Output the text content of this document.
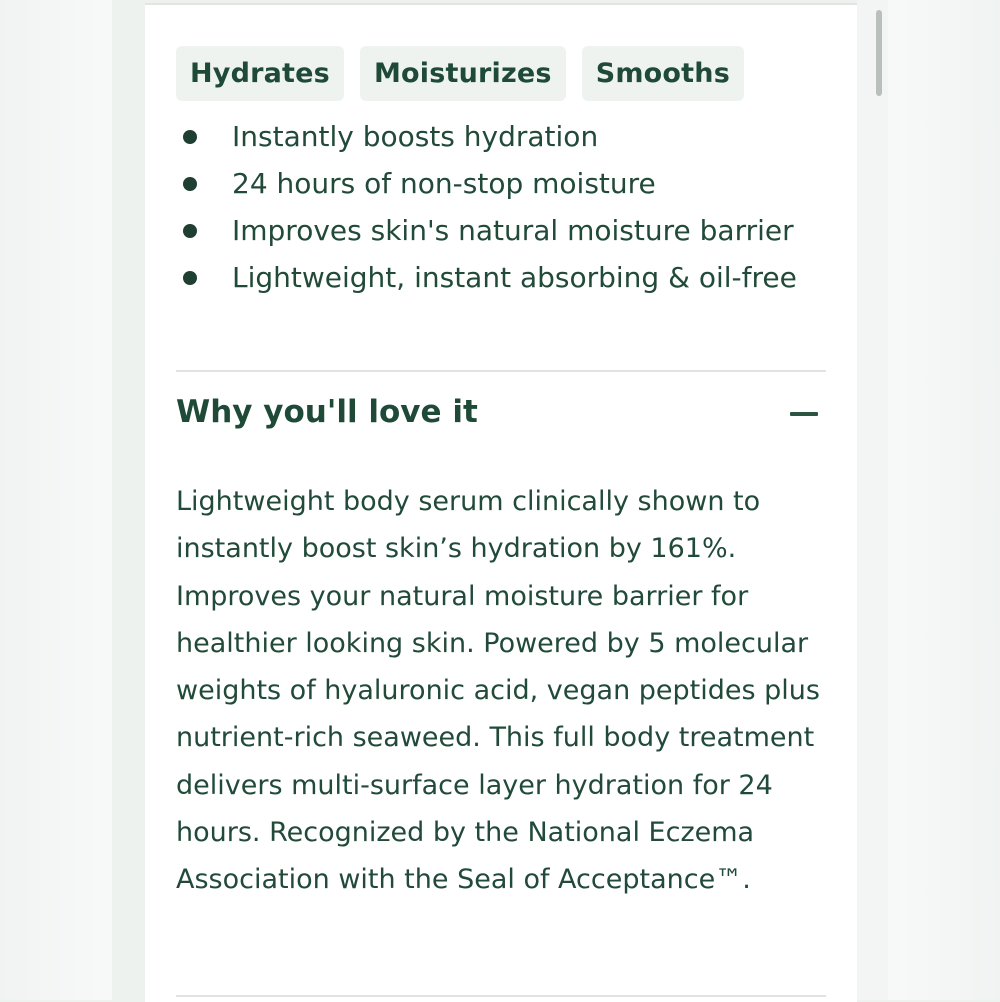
Hydrates	Moisturizes	Smooths
Instantly boosts hydration
24 hours of non-stop moisture
Improves skin's natural moisture barrier
Lightweight, instant absorbing & oil-free
Why you'll love it

Lightweight body serum clinically shown to instantly boost skin’s hydration by 161%. Improves your natural moisture barrier for healthier looking skin. Powered by 5 molecular weights of hyaluronic acid, vegan peptides plus nutrient-rich seaweed. This full body treatment delivers multi-surface layer hydration for 24 hours. Recognized by the National Eczema Association with the Seal of Acceptance™.
